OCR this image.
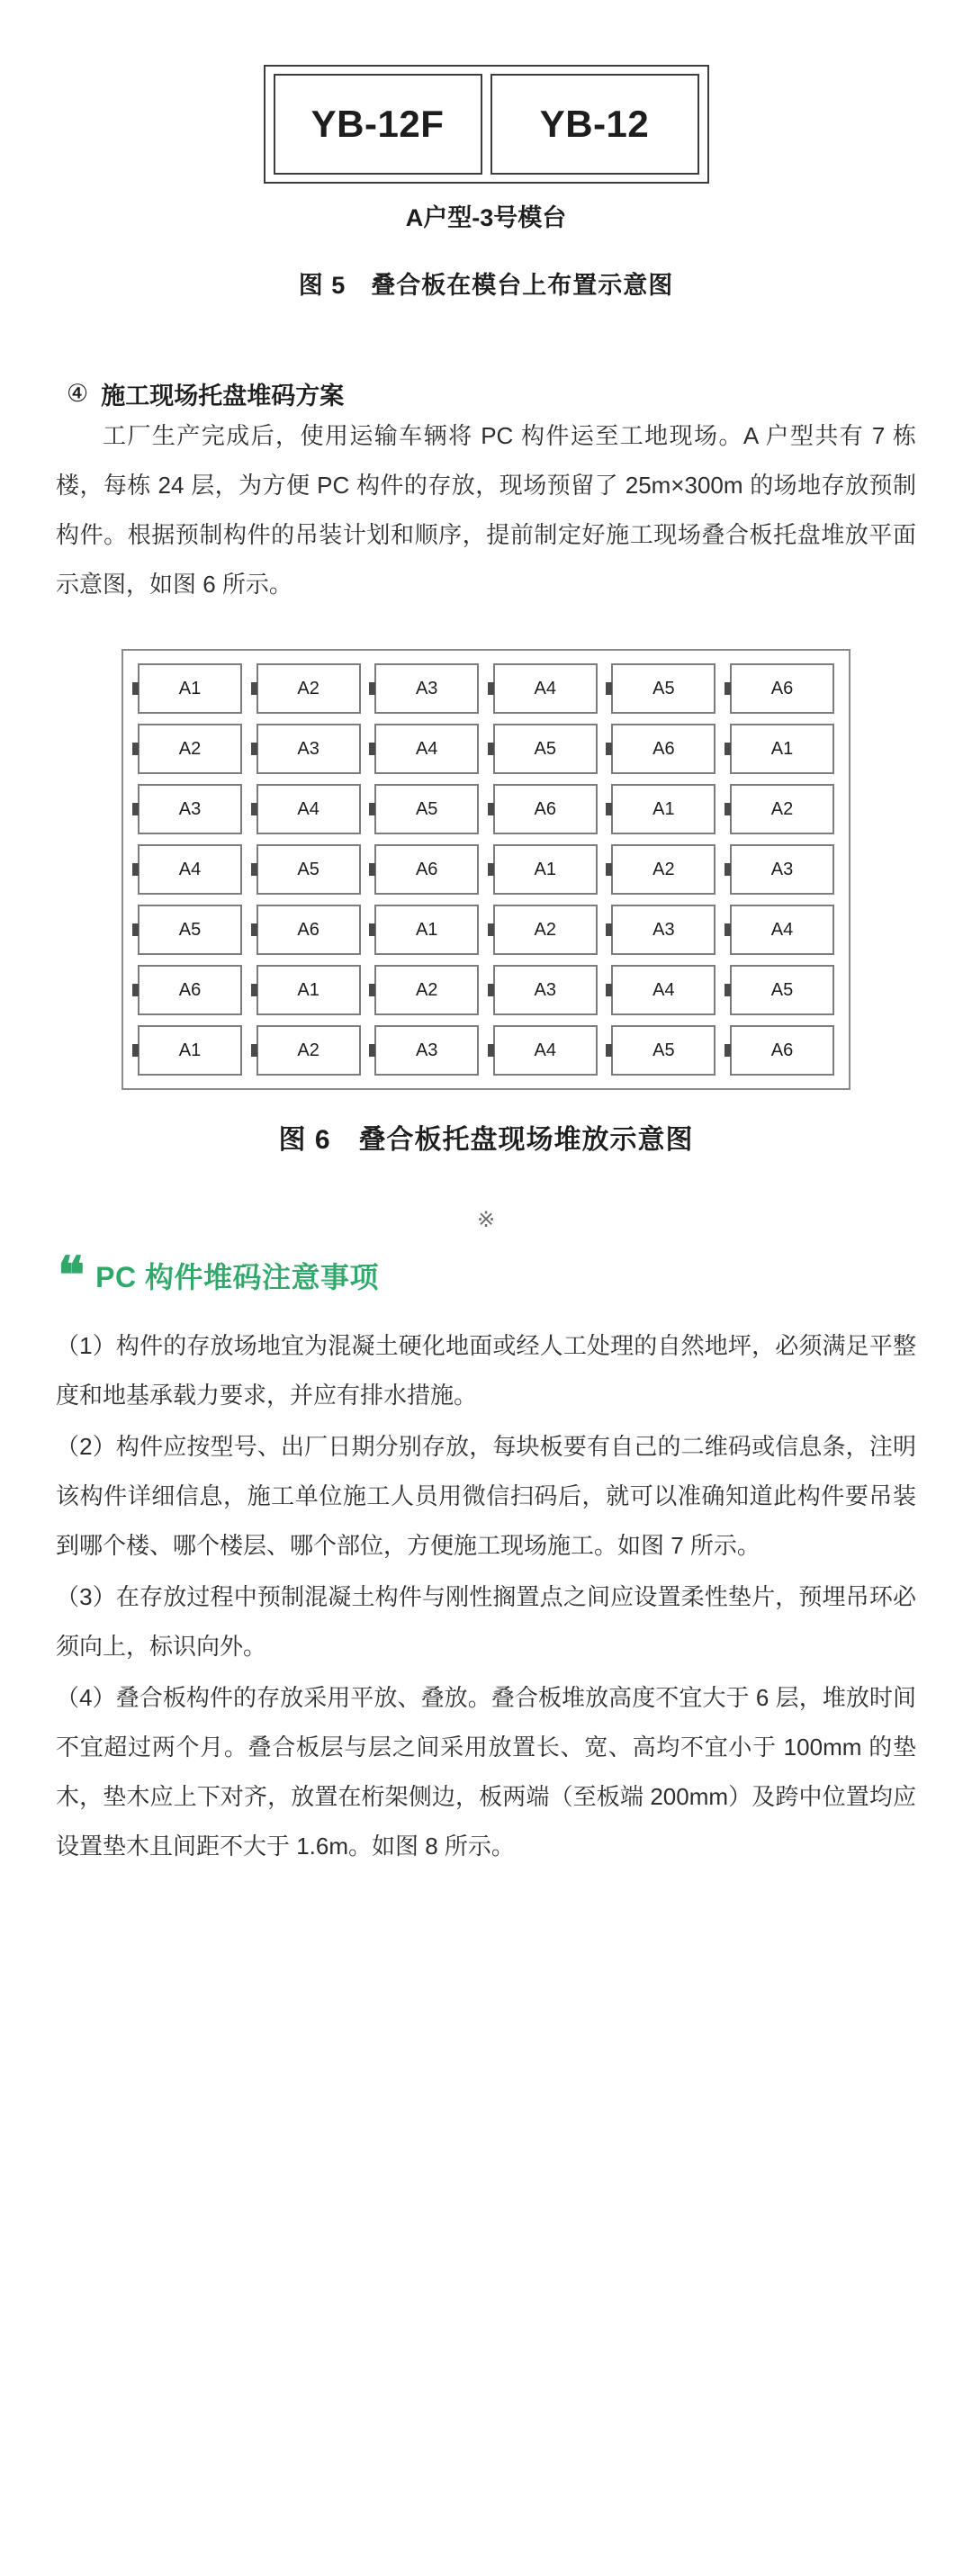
YB-12F	YB-12
A户型-3号模台
图 5　叠合板在模台上布置示意图
④ 施工现场托盘堆码方案

工厂生产完成后，使用运输车辆将 PC 构件运至工地现场。A 户型共有 7 栋楼，每栋 24 层，为方便 PC 构件的存放，现场预留了 25m×300m 的场地存放预制构件。根据预制构件的吊装计划和顺序，提前制定好施工现场叠合板托盘堆放平面示意图，如图 6 所示。

A1	A2	A3	A4	A5	A6
A2	A3	A4	A5	A6	A1
A3	A4	A5	A6	A1	A2
A4	A5	A6	A1	A2	A3
A5	A6	A1	A2	A3	A4
A6	A1	A2	A3	A4	A5
A1	A2	A3	A4	A5	A6
图 6　叠合板托盘现场堆放示意图
※
❝ PC 构件堆码注意事项

（1）构件的存放场地宜为混凝土硬化地面或经人工处理的自然地坪，必须满足平整度和地基承载力要求，并应有排水措施。

（2）构件应按型号、出厂日期分别存放，每块板要有自己的二维码或信息条，注明该构件详细信息，施工单位施工人员用微信扫码后，就可以准确知道此构件要吊装到哪个楼、哪个楼层、哪个部位，方便施工现场施工。如图 7 所示。

（3）在存放过程中预制混凝土构件与刚性搁置点之间应设置柔性垫片，预埋吊环必须向上，标识向外。

（4）叠合板构件的存放采用平放、叠放。叠合板堆放高度不宜大于 6 层，堆放时间不宜超过两个月。叠合板层与层之间采用放置长、宽、高均不宜小于 100mm 的垫木，垫木应上下对齐，放置在桁架侧边，板两端（至板端 200mm）及跨中位置均应设置垫木且间距不大于 1.6m。如图 8 所示。
